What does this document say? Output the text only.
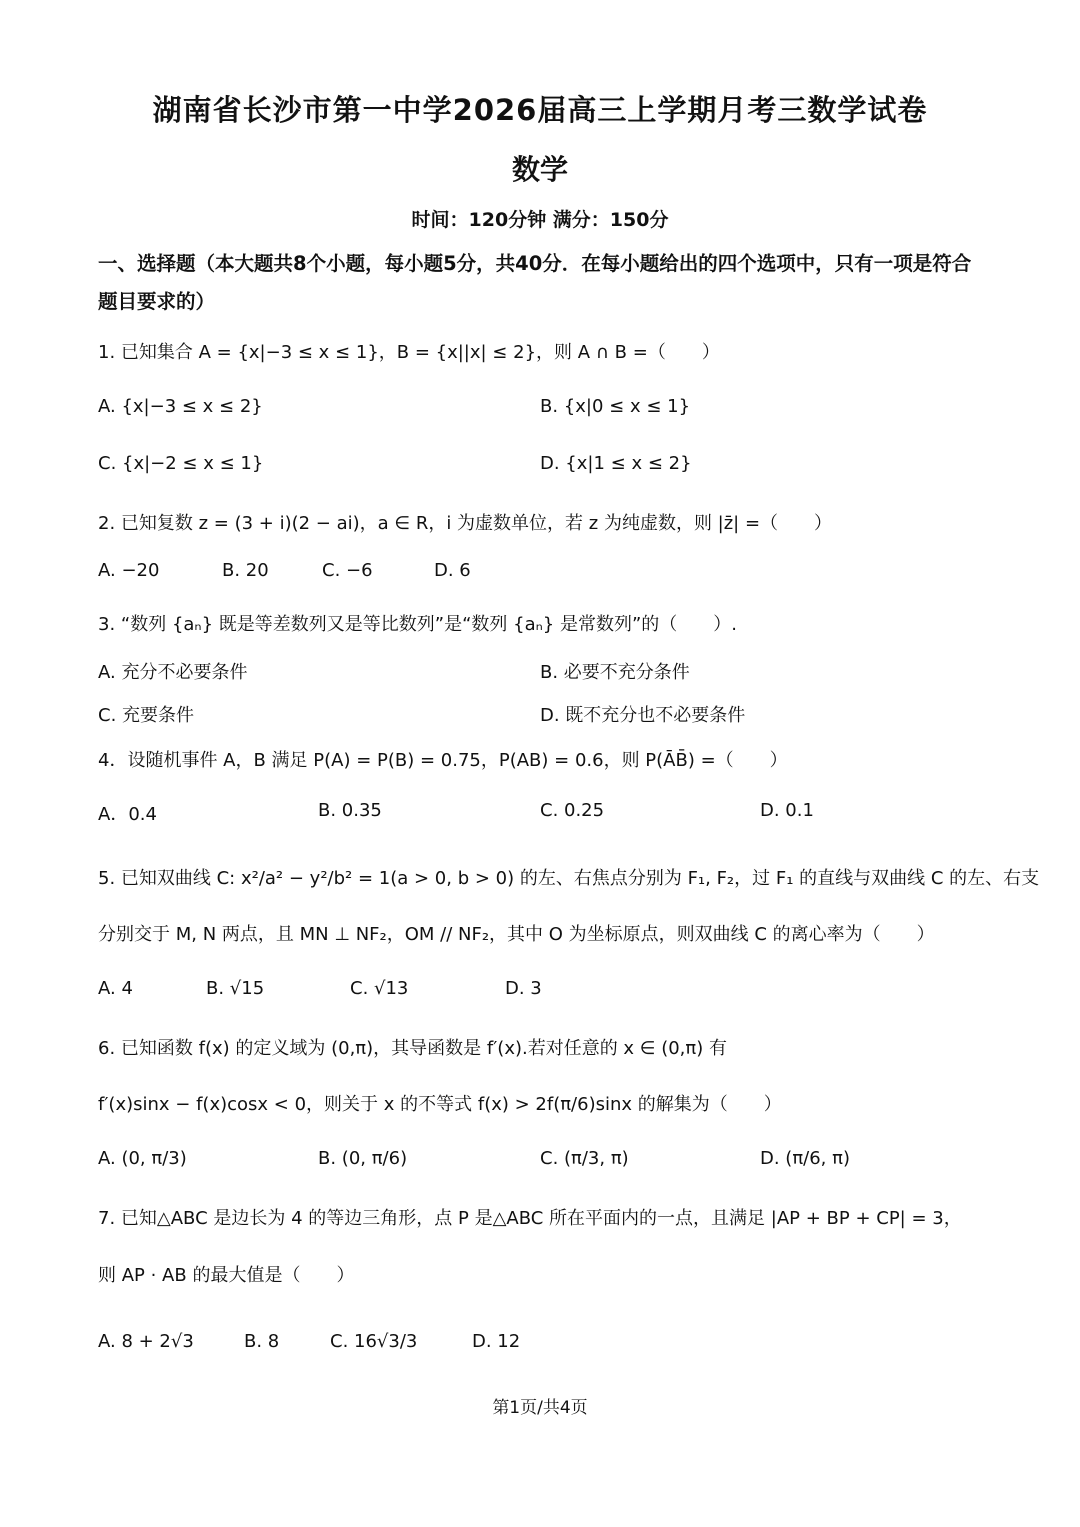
湖南省长沙市第一中学2026届高三上学期月考三数学试卷
数学
时间：120分钟 满分：150分
一、选择题（本大题共8个小题，每小题5分，共40分．在每小题给出的四个选项中，只有一项是符合题目要求的）
1. 已知集合 A = {x|−3 ≤ x ≤ 1}，B = {x||x| ≤ 2}，则 A ∩ B =（　　）
A. {x|−3 ≤ x ≤ 2}	B. {x|0 ≤ x ≤ 1}
C. {x|−2 ≤ x ≤ 1}	D. {x|1 ≤ x ≤ 2}
2. 已知复数 z = (3 + i)(2 − ai)，a ∈ R，i 为虚数单位，若 z 为纯虚数，则 |z̄| =（　　）
A. −20	B. 20	C. −6	D. 6
3. “数列 {aₙ} 既是等差数列又是等比数列”是“数列 {aₙ} 是常数列”的（　　）.
A. 充分不必要条件	B. 必要不充分条件
C. 充要条件	D. 既不充分也不必要条件
4．设随机事件 A，B 满足 P(A) = P(B) = 0.75，P(AB) = 0.6，则 P(ĀB̄) =（　　）
A．0.4	B. 0.35	C. 0.25	D. 0.1
5. 已知双曲线 C: x²/a² − y²/b² = 1(a > 0, b > 0) 的左、右焦点分别为 F₁, F₂，过 F₁ 的直线与双曲线 C 的左、右支
分别交于 M, N 两点，且 MN ⊥ NF₂，OM // NF₂，其中 O 为坐标原点，则双曲线 C 的离心率为（　　）
A. 4	B. √15	C. √13	D. 3
6. 已知函数 f(x) 的定义域为 (0,π)，其导函数是 f′(x).若对任意的 x ∈ (0,π) 有
f′(x)sinx − f(x)cosx < 0，则关于 x 的不等式 f(x) > 2f(π/6)sinx 的解集为（　　）
A. (0, π/3)	B. (0, π/6)	C. (π/3, π)	D. (π/6, π)
7. 已知△ABC 是边长为 4 的等边三角形，点 P 是△ABC 所在平面内的一点，且满足 |AP + BP + CP| = 3，
则 AP · AB 的最大值是（　　）
A. 8 + 2√3	B. 8	C. 16√3/3	D. 12
第1页/共4页
